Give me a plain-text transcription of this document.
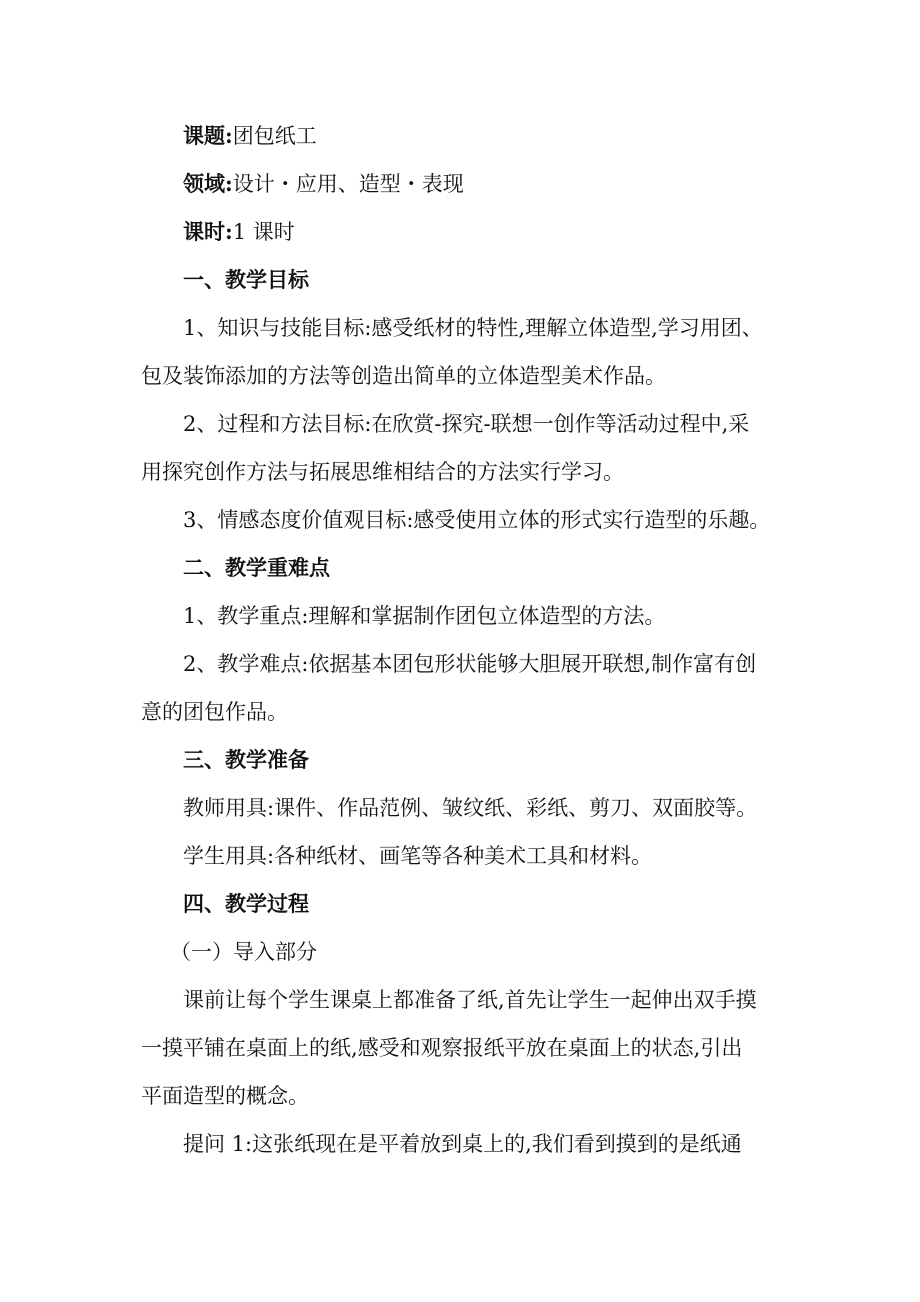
课题:团包纸工
领域:设计・应用、造型・表现
课时:1 课时
一、教学目标
1、知识与技能目标:感受纸材的特性,理解立体造型,学习用团、
包及装饰添加的方法等创造出简单的立体造型美术作品。
2、过程和方法目标:在欣赏-探究-联想一创作等活动过程中,采
用探究创作方法与拓展思维相结合的方法实行学习。
3、情感态度价值观目标:感受使用立体的形式实行造型的乐趣。
二、教学重难点
1、教学重点:理解和掌据制作团包立体造型的方法。
2、教学难点:依据基本团包形状能够大胆展开联想,制作富有创
意的团包作品。
三、教学准备
教师用具:课件、作品范例、皱纹纸、彩纸、剪刀、双面胶等。
学生用具:各种纸材、画笔等各种美术工具和材料。
四、教学过程
（一）导入部分
课前让每个学生课桌上都准备了纸,首先让学生一起伸出双手摸
一摸平铺在桌面上的纸,感受和观察报纸平放在桌面上的状态,引出
平面造型的概念。
提问 1:这张纸现在是平着放到桌上的,我们看到摸到的是纸通
